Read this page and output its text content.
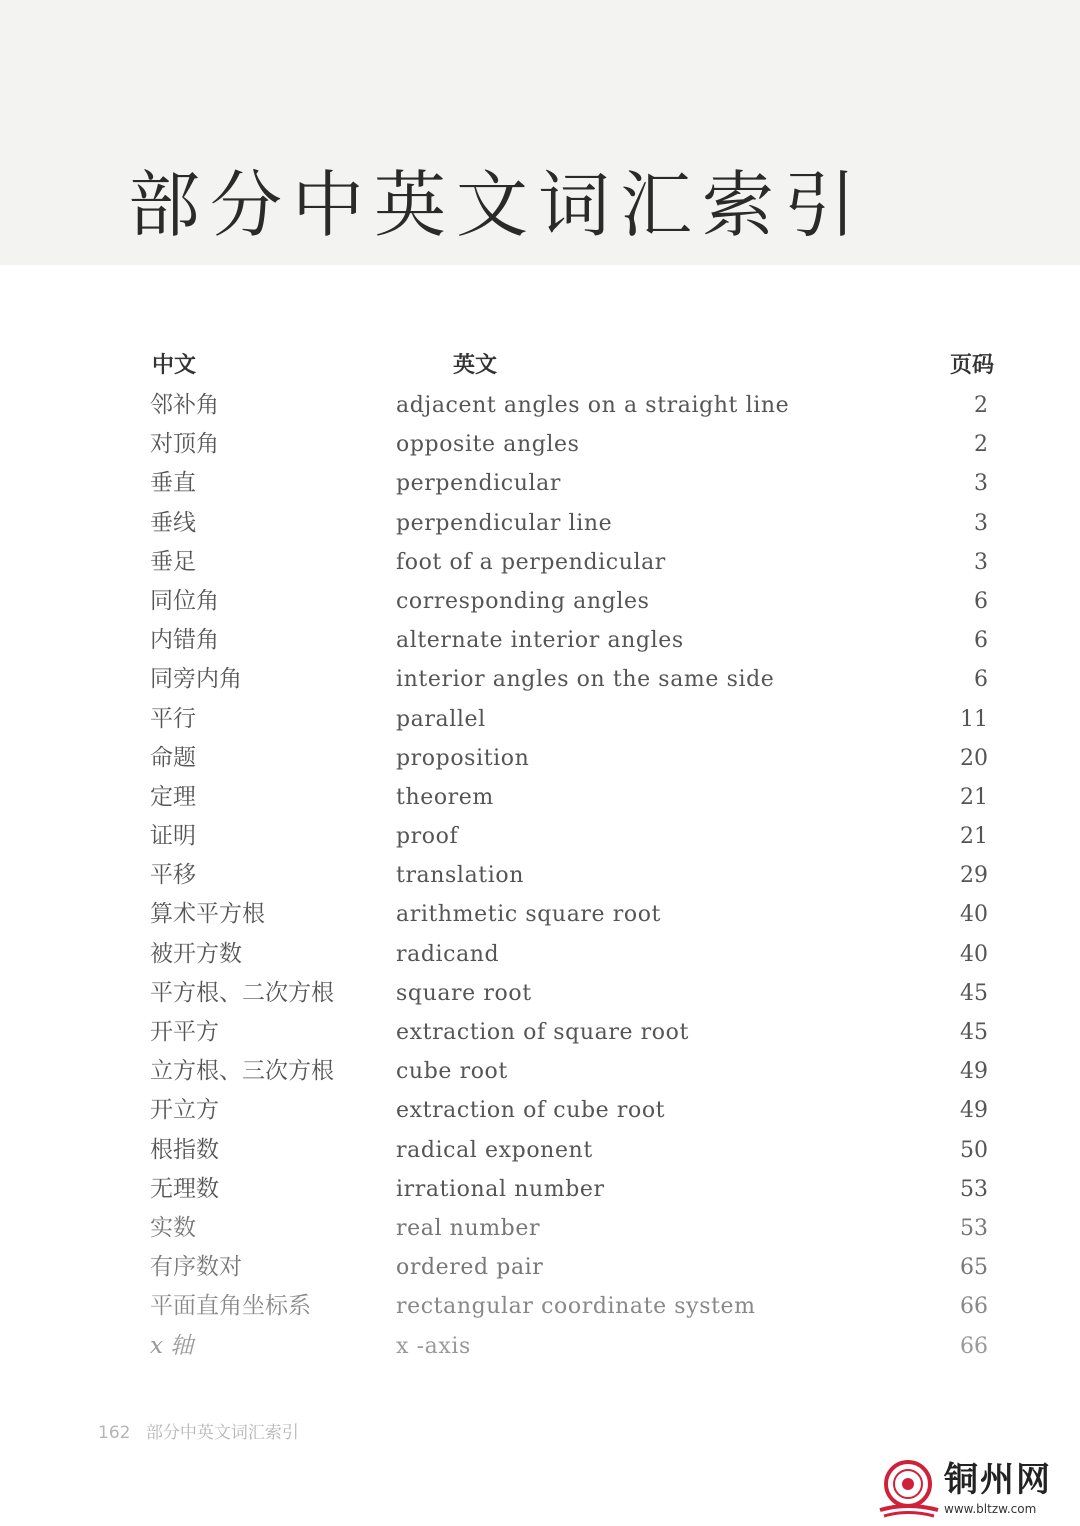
部分中英文词汇索引
中文	英文	页码
邻补角	adjacent angles on a straight line	2
对顶角	opposite angles	2
垂直	perpendicular	3
垂线	perpendicular line	3
垂足	foot of a perpendicular	3
同位角	corresponding angles	6
内错角	alternate interior angles	6
同旁内角	interior angles on the same side	6
平行	parallel	11
命题	proposition	20
定理	theorem	21
证明	proof	21
平移	translation	29
算术平方根	arithmetic square root	40
被开方数	radicand	40
平方根、二次方根	square root	45
开平方	extraction of square root	45
立方根、三次方根	cube root	49
开立方	extraction of cube root	49
根指数	radical exponent	50
无理数	irrational number	53
实数	real number	53
有序数对	ordered pair	65
平面直角坐标系	rectangular coordinate system	66
x 轴	x -axis	66
162 部分中英文词汇索引
铜州网
www.bltzw.com
